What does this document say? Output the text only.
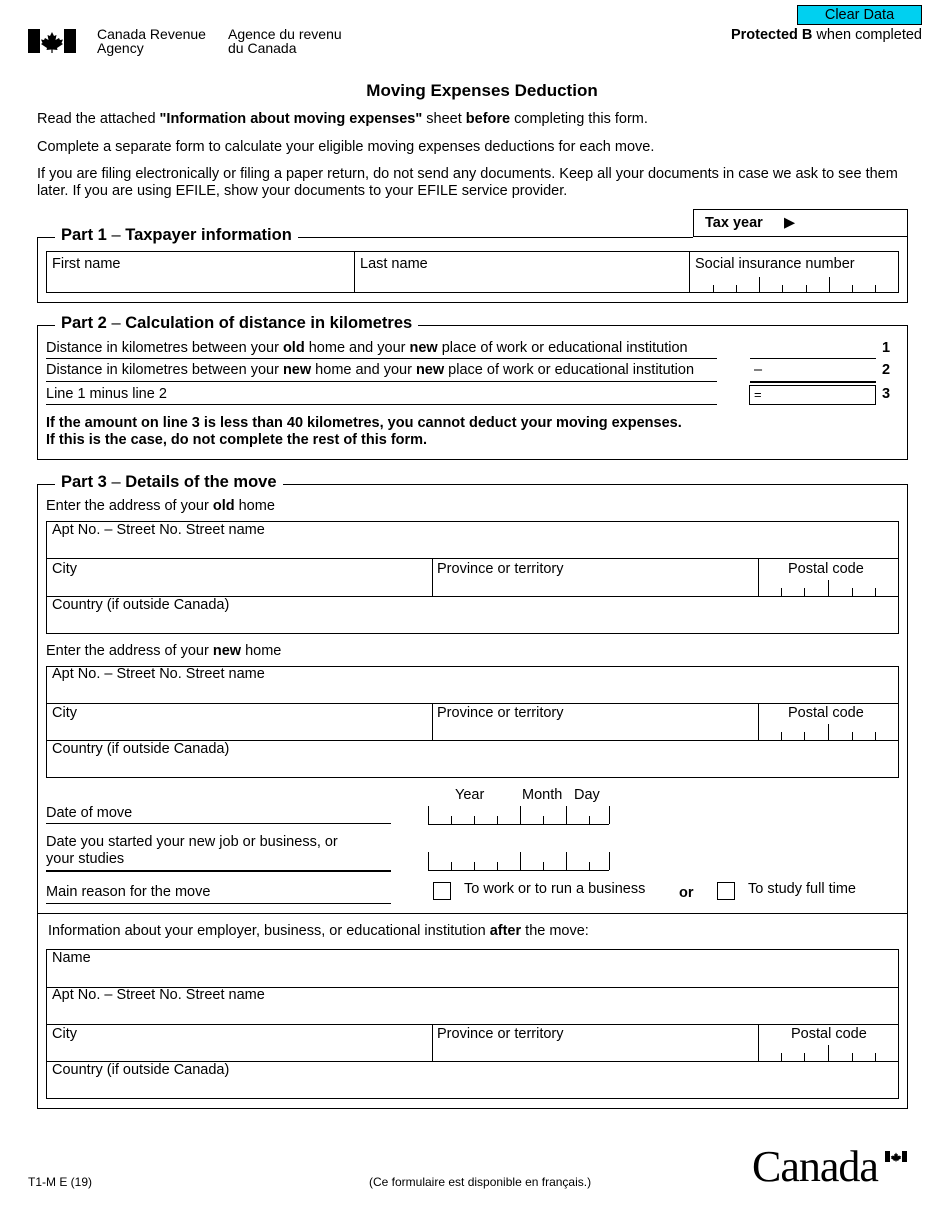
Canada Revenue
Agency
Agence du revenu
du Canada
Clear Data
Protected B when completed
Moving Expenses Deduction
Read the attached "Information about moving expenses" sheet before completing this form.
Complete a separate form to calculate your eligible moving expenses deductions for each move.
If you are filing electronically or filing a paper return, do not send any documents. Keep all your documents in case we ask to see them later. If you are using EFILE, show your documents to your EFILE service provider.
Tax year ▶
Part 1 – Taxpayer information
First name	Last name	Social insurance number
Part 2 – Calculation of distance in kilometres
Distance in kilometres between your old home and your new place of work or educational institution	1
Distance in kilometres between your new home and your new place of work or educational institution	–	2
Line 1 minus line 2	=	3
If the amount on line 3 is less than 40 kilometres, you cannot deduct your moving expenses.
If this is the case, do not complete the rest of this form.
Part 3 – Details of the move
Enter the address of your old home
Apt No. – Street No. Street name
City	Province or territory	Postal code
Country (if outside Canada)
Enter the address of your new home
Apt No. – Street No. Street name
City	Province or territory	Postal code
Country (if outside Canada)
Year	Month Day
Date of move
Date you started your new job or business, or
your studies
Main reason for the move	To work or to run a business or	To study full time
Information about your employer, business, or educational institution after the move:
Name
Apt No. – Street No. Street name
City	Province or territory	Postal code
Country (if outside Canada)
T1-M E (19)	(Ce formulaire est disponible en français.)	Canada
